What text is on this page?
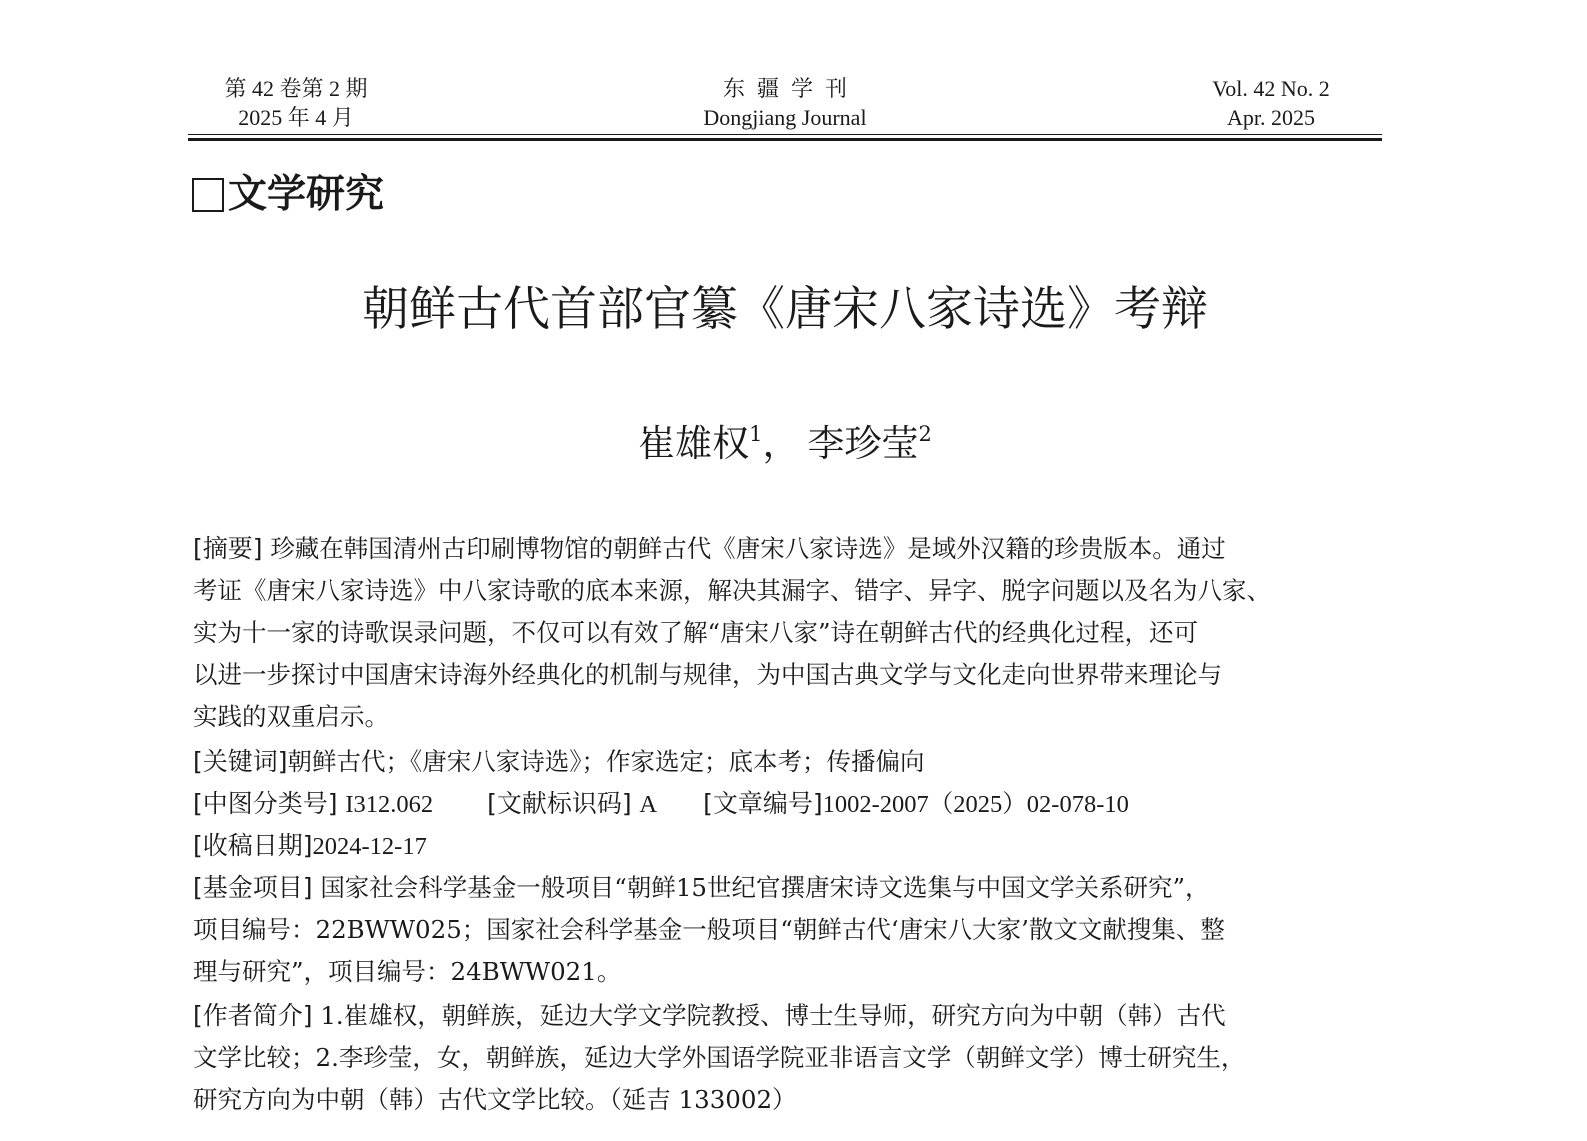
第 42 卷第 2 期
2025 年 4 月
东疆学刊
Dongjiang Journal
Vol. 42 No. 2
Apr. 2025
文学研究
朝鲜古代首部官纂《唐宋八家诗选》考辩
崔雄权$^1$， 李珍莹$^2$
[摘要] 珍藏在韩国清州古印刷博物馆的朝鲜古代《唐宋八家诗选》是域外汉籍的珍贵版本。通过
考证《唐宋八家诗选》中八家诗歌的底本来源，解决其漏字、错字、异字、脱字问题以及名为八家、
实为十一家的诗歌误录问题，不仅可以有效了解“唐宋八家”诗在朝鲜古代的经典化过程，还可
以进一步探讨中国唐宋诗海外经典化的机制与规律，为中国古典文学与文化走向世界带来理论与
实践的双重启示。
[关键词]朝鲜古代；《唐宋八家诗选》；作家选定；底本考；传播偏向
[中图分类号] I312.062 [文献标识码] A [文章编号]1002-2007（2025）02-078-10
[收稿日期]2024-12-17
[基金项目] 国家社会科学基金一般项目“朝鲜15世纪官撰唐宋诗文选集与中国文学关系研究”，
项目编号：22BWW025；国家社会科学基金一般项目“朝鲜古代‘唐宋八大家’散文文献搜集、整
理与研究”，项目编号：24BWW021。
[作者简介] 1.崔雄权，朝鲜族，延边大学文学院教授、博士生导师，研究方向为中朝（韩）古代
文学比较；2.李珍莹，女，朝鲜族，延边大学外国语学院亚非语言文学（朝鲜文学）博士研究生，
研究方向为中朝（韩）古代文学比较。（延吉 133002）
